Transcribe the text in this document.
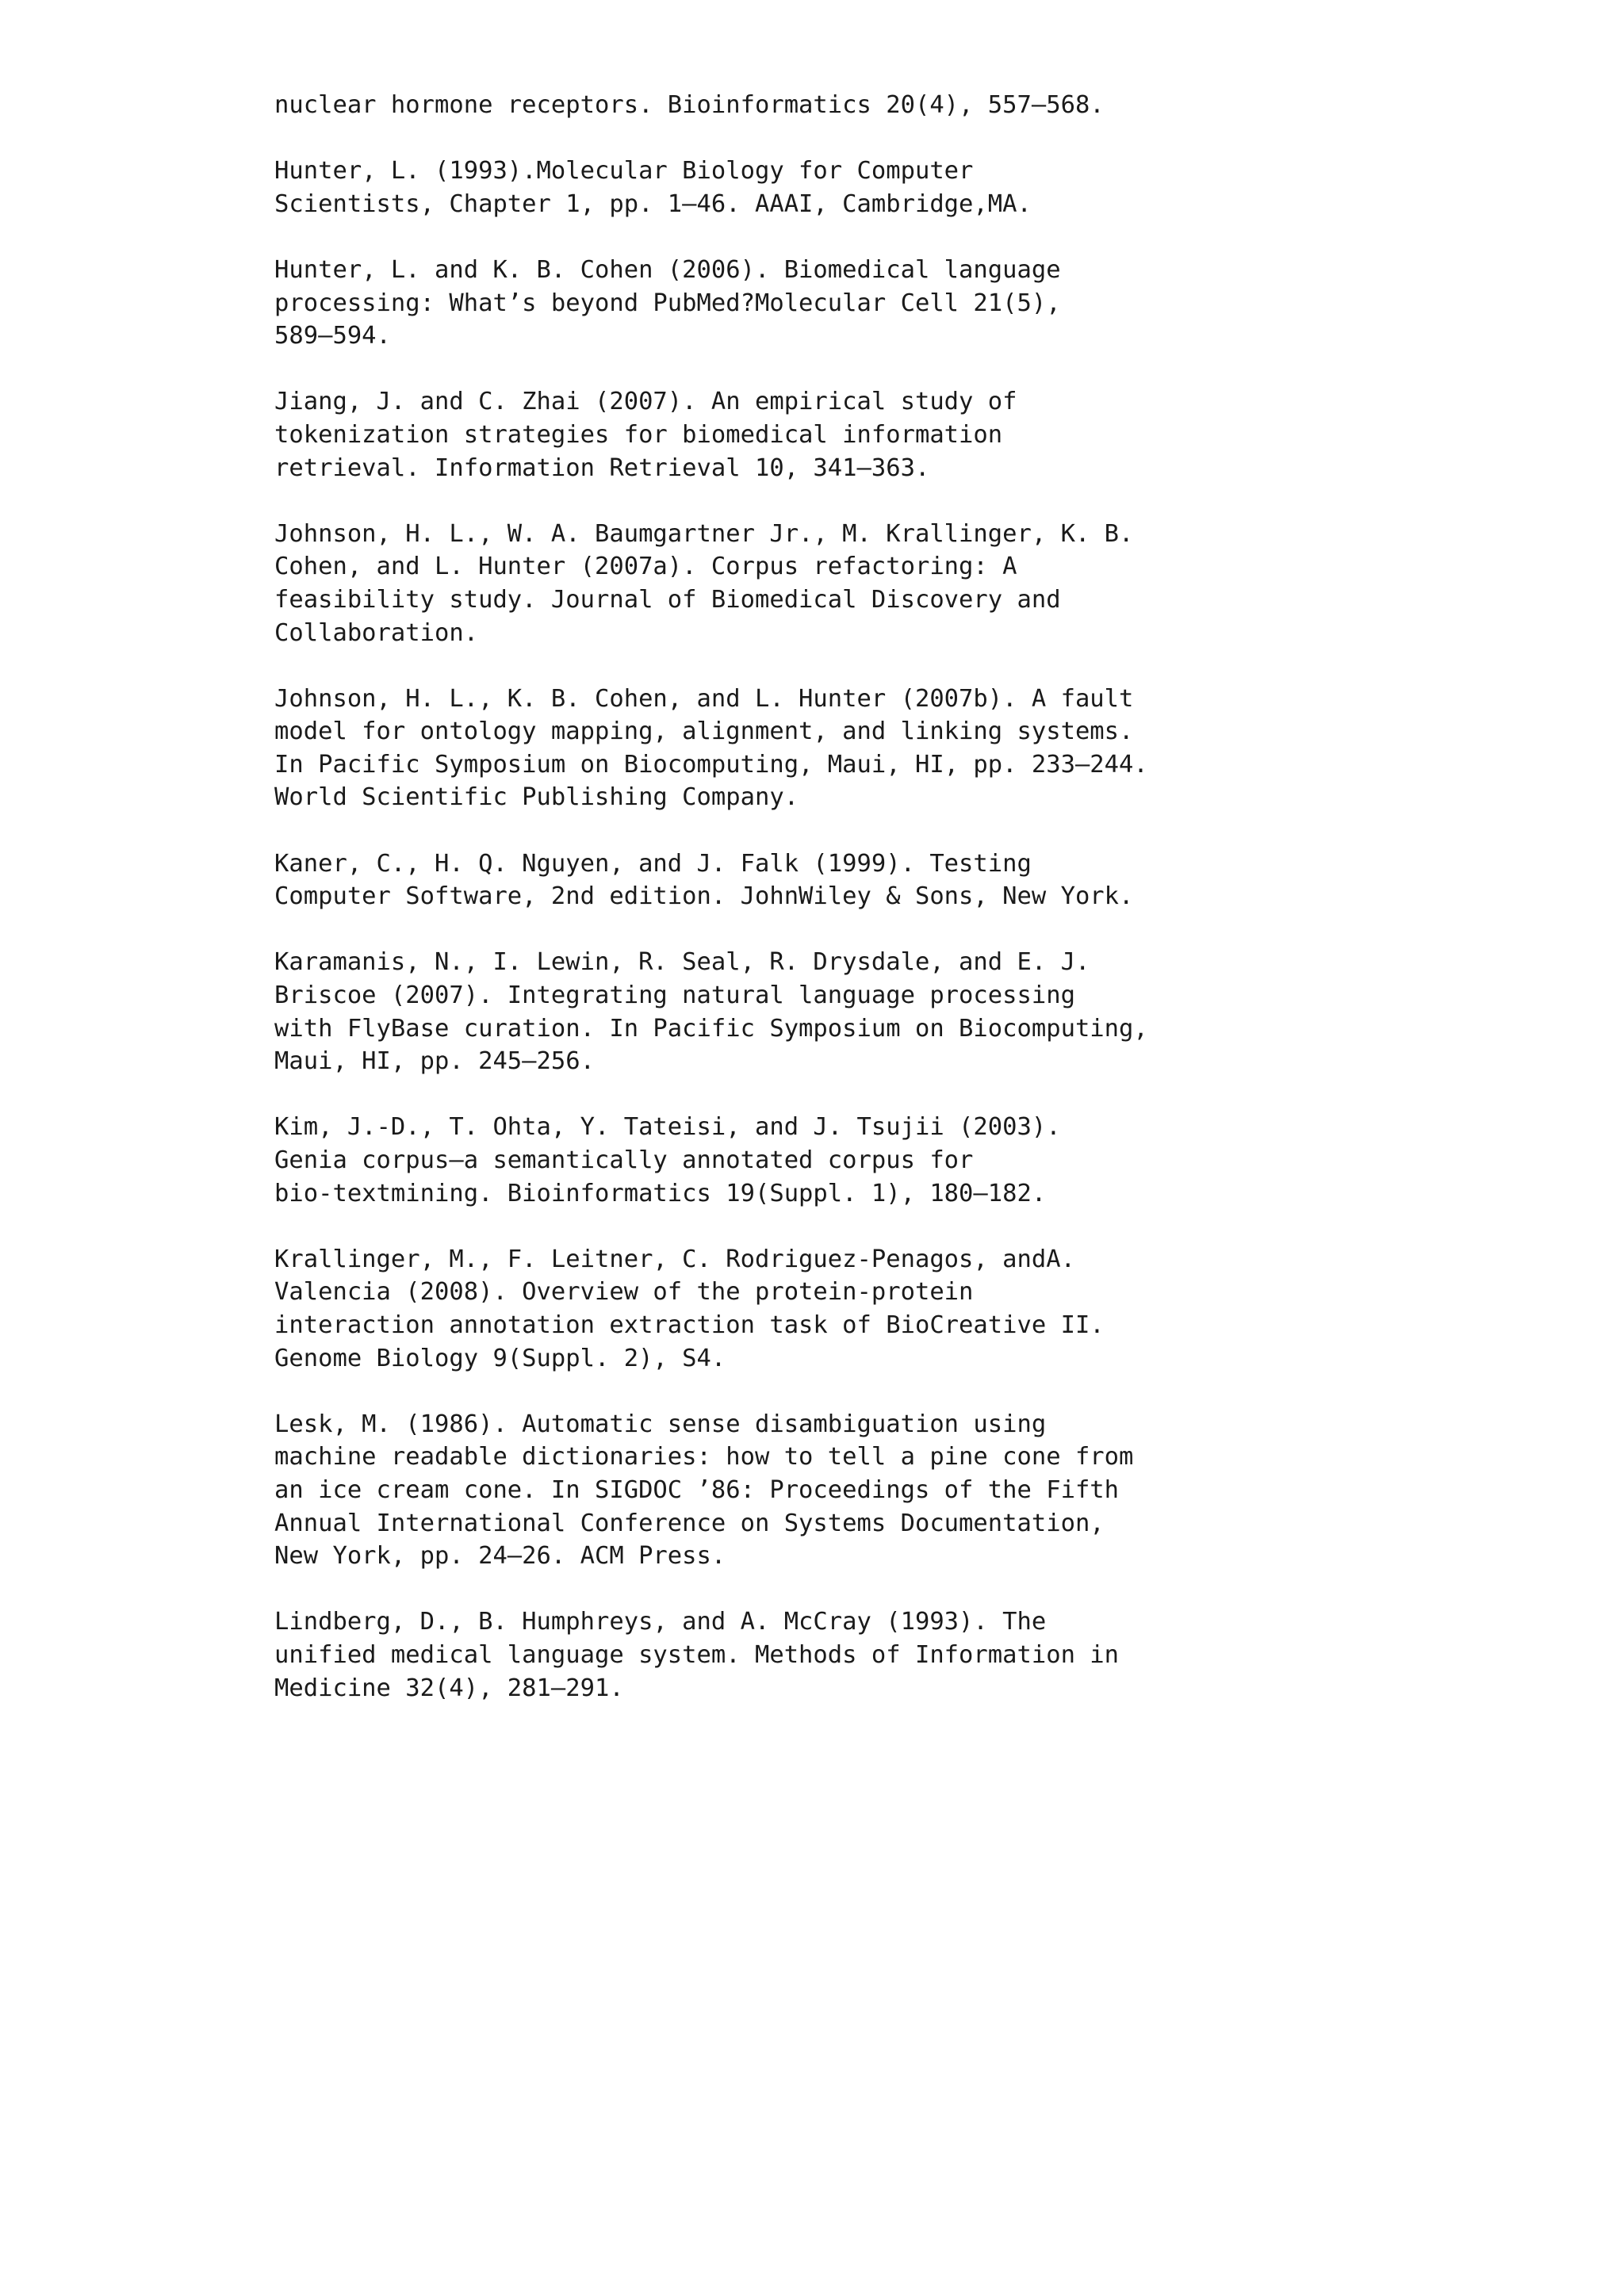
nuclear hormone receptors. Bioinformatics 20(4), 557–568.
Hunter, L. (1993).Molecular Biology for Computer
Scientists, Chapter 1, pp. 1–46. AAAI, Cambridge,MA.
Hunter, L. and K. B. Cohen (2006). Biomedical language
processing: What’s beyond PubMed?Molecular Cell 21(5),
589–594.
Jiang, J. and C. Zhai (2007). An empirical study of
tokenization strategies for biomedical information
retrieval. Information Retrieval 10, 341–363.
Johnson, H. L., W. A. Baumgartner Jr., M. Krallinger, K. B.
Cohen, and L. Hunter (2007a). Corpus refactoring: A
feasibility study. Journal of Biomedical Discovery and
Collaboration.
Johnson, H. L., K. B. Cohen, and L. Hunter (2007b). A fault
model for ontology mapping, alignment, and linking systems.
In Pacific Symposium on Biocomputing, Maui, HI, pp. 233–244.
World Scientific Publishing Company.
Kaner, C., H. Q. Nguyen, and J. Falk (1999). Testing
Computer Software, 2nd edition. JohnWiley & Sons, New York.
Karamanis, N., I. Lewin, R. Seal, R. Drysdale, and E. J.
Briscoe (2007). Integrating natural language processing
with FlyBase curation. In Pacific Symposium on Biocomputing,
Maui, HI, pp. 245–256.
Kim, J.-D., T. Ohta, Y. Tateisi, and J. Tsujii (2003).
Genia corpus—a semantically annotated corpus for
bio-textmining. Bioinformatics 19(Suppl. 1), 180–182.
Krallinger, M., F. Leitner, C. Rodriguez-Penagos, andA.
Valencia (2008). Overview of the protein-protein
interaction annotation extraction task of BioCreative II.
Genome Biology 9(Suppl. 2), S4.
Lesk, M. (1986). Automatic sense disambiguation using
machine readable dictionaries: how to tell a pine cone from
an ice cream cone. In SIGDOC ’86: Proceedings of the Fifth
Annual International Conference on Systems Documentation,
New York, pp. 24–26. ACM Press.
Lindberg, D., B. Humphreys, and A. McCray (1993). The
unified medical language system. Methods of Information in
Medicine 32(4), 281–291.
